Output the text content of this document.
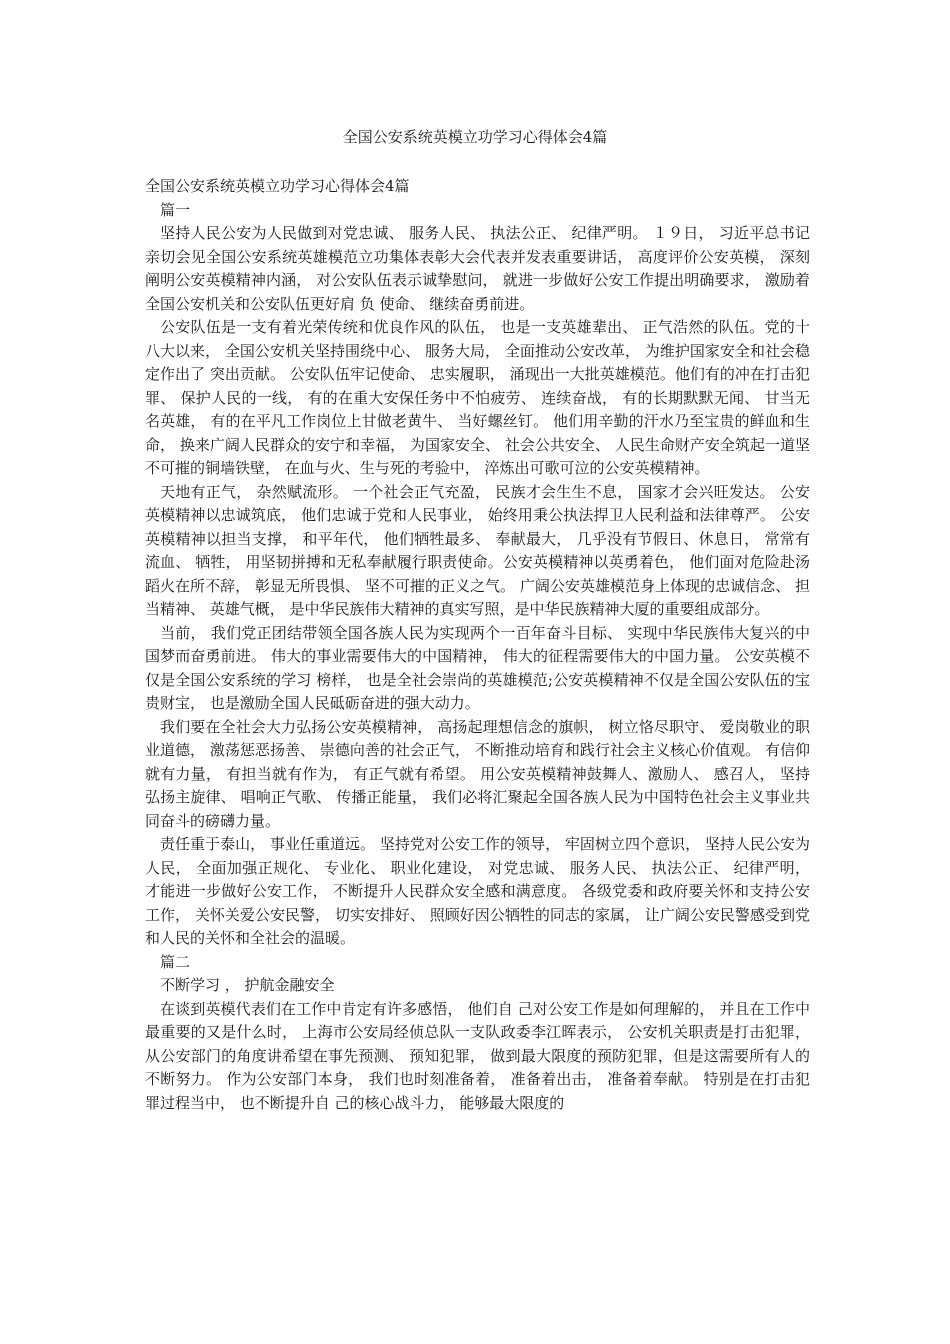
全国公安系统英模立功学习心得体会4篇

全国公安系统英模立功学习心得体会4篇

篇一

坚持人民公安为人民做到对党忠诚、 服务人民、 执法公正、 纪律严明。 １９日， 习近平总书记亲切会见全国公安系统英雄模范立功集体表彰大会代表并发表重要讲话， 高度评价公安英模， 深刻阐明公安英模精神内涵， 对公安队伍表示诚挚慰问， 就进一步做好公安工作提出明确要求， 激励着全国公安机关和公安队伍更好肩 负 使命、 继续奋勇前进。

公安队伍是一支有着光荣传统和优良作风的队伍， 也是一支英雄辈出、 正气浩然的队伍。党的十八大以来， 全国公安机关坚持围绕中心、 服务大局， 全面推动公安改革， 为维护国家安全和社会稳定作出了 突出贡献。 公安队伍牢记使命、 忠实履职， 涌现出一大批英雄模范。他们有的冲在打击犯罪、 保护人民的一线， 有的在重大安保任务中不怕疲劳、 连续奋战， 有的长期默默无闻、 甘当无名英雄， 有的在平凡工作岗位上甘做老黄牛、 当好螺丝钉。 他们用辛勤的汗水乃至宝贵的鲜血和生命， 换来广阔人民群众的安宁和幸福， 为国家安全、 社会公共安全、 人民生命财产安全筑起一道坚不可摧的铜墙铁壁， 在血与火、生与死的考验中， 淬炼出可歌可泣的公安英模精神。

天地有正气， 杂然赋流形。 一个社会正气充盈， 民族才会生生不息， 国家才会兴旺发达。 公安英模精神以忠诚筑底， 他们忠诚于党和人民事业， 始终用秉公执法捍卫人民利益和法律尊严。 公安英模精神以担当支撑， 和平年代， 他们牺牲最多、 奉献最大， 几乎没有节假日、休息日， 常常有流血、 牺牲， 用坚韧拼搏和无私奉献履行职责使命。公安英模精神以英勇着色， 他们面对危险赴汤蹈火在所不辞， 彰显无所畏惧、 坚不可摧的正义之气。 广阔公安英雄模范身上体现的忠诚信念、 担当精神、 英雄气概， 是中华民族伟大精神的真实写照，是中华民族精神大厦的重要组成部分。

当前， 我们党正团结带领全国各族人民为实现两个一百年奋斗目标、 实现中华民族伟大复兴的中国梦而奋勇前进。 伟大的事业需要伟大的中国精神， 伟大的征程需要伟大的中国力量。 公安英模不仅是全国公安系统的学习 榜样， 也是全社会崇尚的英雄模范;公安英模精神不仅是全国公安队伍的宝贵财宝， 也是激励全国人民砥砺奋进的强大动力。

我们要在全社会大力弘扬公安英模精神， 高扬起理想信念的旗帜， 树立恪尽职守、 爱岗敬业的职业道德， 激荡惩恶扬善、 崇德向善的社会正气， 不断推动培育和践行社会主义核心价值观。 有信仰就有力量， 有担当就有作为， 有正气就有希望。 用公安英模精神鼓舞人、激励人、 感召人， 坚持弘扬主旋律、 唱响正气歌、 传播正能量， 我们必将汇聚起全国各族人民为中国特色社会主义事业共同奋斗的磅礴力量。

责任重于泰山， 事业任重道远。 坚持党对公安工作的领导， 牢固树立四个意识， 坚持人民公安为人民， 全面加强正规化、 专业化、 职业化建设， 对党忠诚、 服务人民、 执法公正、 纪律严明， 才能进一步做好公安工作， 不断提升人民群众安全感和满意度。 各级党委和政府要关怀和支持公安工作， 关怀关爱公安民警， 切实安排好、 照顾好因公牺牲的同志的家属， 让广阔公安民警感受到党和人民的关怀和全社会的温暖。

篇二

不断学习 ， 护航金融安全

在谈到英模代表们在工作中肯定有许多感悟， 他们自 己对公安工作是如何理解的， 并且在工作中最重要的又是什么时， 上海市公安局经侦总队一支队政委李江晖表示， 公安机关职责是打击犯罪， 从公安部门的角度讲希望在事先预测、 预知犯罪， 做到最大限度的预防犯罪，但是这需要所有人的不断努力。 作为公安部门本身， 我们也时刻准备着， 准备着出击， 准备着奉献。 特别是在打击犯罪过程当中， 也不断提升自 己的核心战斗力， 能够最大限度的
